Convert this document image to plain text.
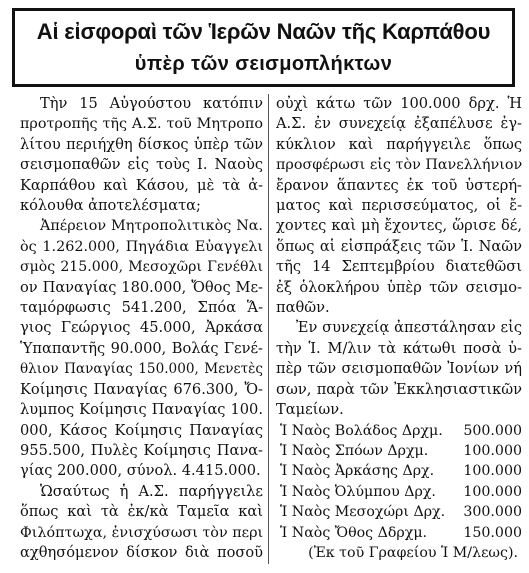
Αἱ εἰσφοραὶ τῶν Ἱερῶν Ναῶν τῆς Καρπάθου
ὑπὲρ τῶν σεισμοπλήκτων
Τὴν 15 Αὐγούστου κατόπιν
προτροπῆς τῆς Α.Σ. τοῦ Μητροπο
λίτου περιήχθη δίσκος ὑπὲρ τῶν
σεισμοπαθῶν εἰς τοὺς Ι. Ναοὺς
Καρπάθου καὶ Κάσου, μὲ τὰ ἀ-
κόλουθα ἀποτελέσματα;
Ἀπέρειον Μητροπολιτικὸς Να.
ὸς 1.262.000, Πηγάδια Εὐαγγελι
σμὸς 215.000, Μεσοχῶρι Γενέθλι
ον Παναγίας 180.000, Ὄθος Με-
ταμόρφωσις 541.200, Σπόα Ἅ-
γιος Γεώργιος 45.000, Ἀρκάσα
Ὑπαπαντῆς 90.000, Βολάς Γενέ-
θλιον Παναγίας 150.000, Μενετὲς
Κοίμησις Παναγίας 676.300, Ὄ-
λυμπος Κοίμησις Παναγίας 100.
000, Κάσος Κοίμησις Παναγίας
955.500, Πυλὲς Κοίμησις Πανα-
γίας 200.000, σύνολ. 4.415.000.
Ὡσαύτως ἡ Α.Σ. παρήγγειλε
ὅπως καὶ τὰ ἐκ/κὰ Ταμεῖα καὶ
Φιλόπτωχα, ἐνισχύσωσι τὸν περι
αχθησόμενον δίσκον διὰ ποσοῦ
οὐχὶ κάτω τῶν 100.000 δρχ. Ἡ
Α.Σ. ἐν συνεχείᾳ ἐξαπέλυσε ἐγ-
κύκλιον καὶ παρήγγειλε ὅπως
προσφέρωσι εἰς τὸν Πανελλήνιον
ἔρανον ἅπαντες ἐκ τοῦ ὑστερή-
ματος καὶ περισσεύματος, οἱ ἔ-
χοντες καὶ μὴ ἔχοντες, ὥρισε δέ,
ὅπως αἱ εἰσπράξεις τῶν Ἱ. Ναῶν
τῆς 14 Σεπτεμβρίου διατεθῶσι
ἐξ ὁλοκλήρου ὑπὲρ τῶν σεισμο-
παθῶν.
Ἐν συνεχείᾳ ἀπεστάλησαν εἰς
τὴν Ἱ. Μ/λιν τὰ κάτωθι ποσὰ ὑ-
πὲρ τῶν σεισμοπαθῶν Ἰονίων νή
σων, παρὰ τῶν Ἐκκλησιαστικῶν
Ταμείων.
Ἱ Ναὸς Βολάδος Δρχμ. 500.000
Ἱ Ναὸς Σπόων Δρχμ. 100.000
Ἱ Ναὸς Ἀρκάσης Δρχ. 100.000
Ἱ Ναὸς Ὀλύμπου Δρχ. 100.000
Ἱ Ναὸς Μεσοχώρι Δρχ. 300.000
Ἱ Ναὸς Ὄθος Δδρχμ.	150.000
(Ἐκ τοῦ Γραφείου Ἱ Μ/λεως).
